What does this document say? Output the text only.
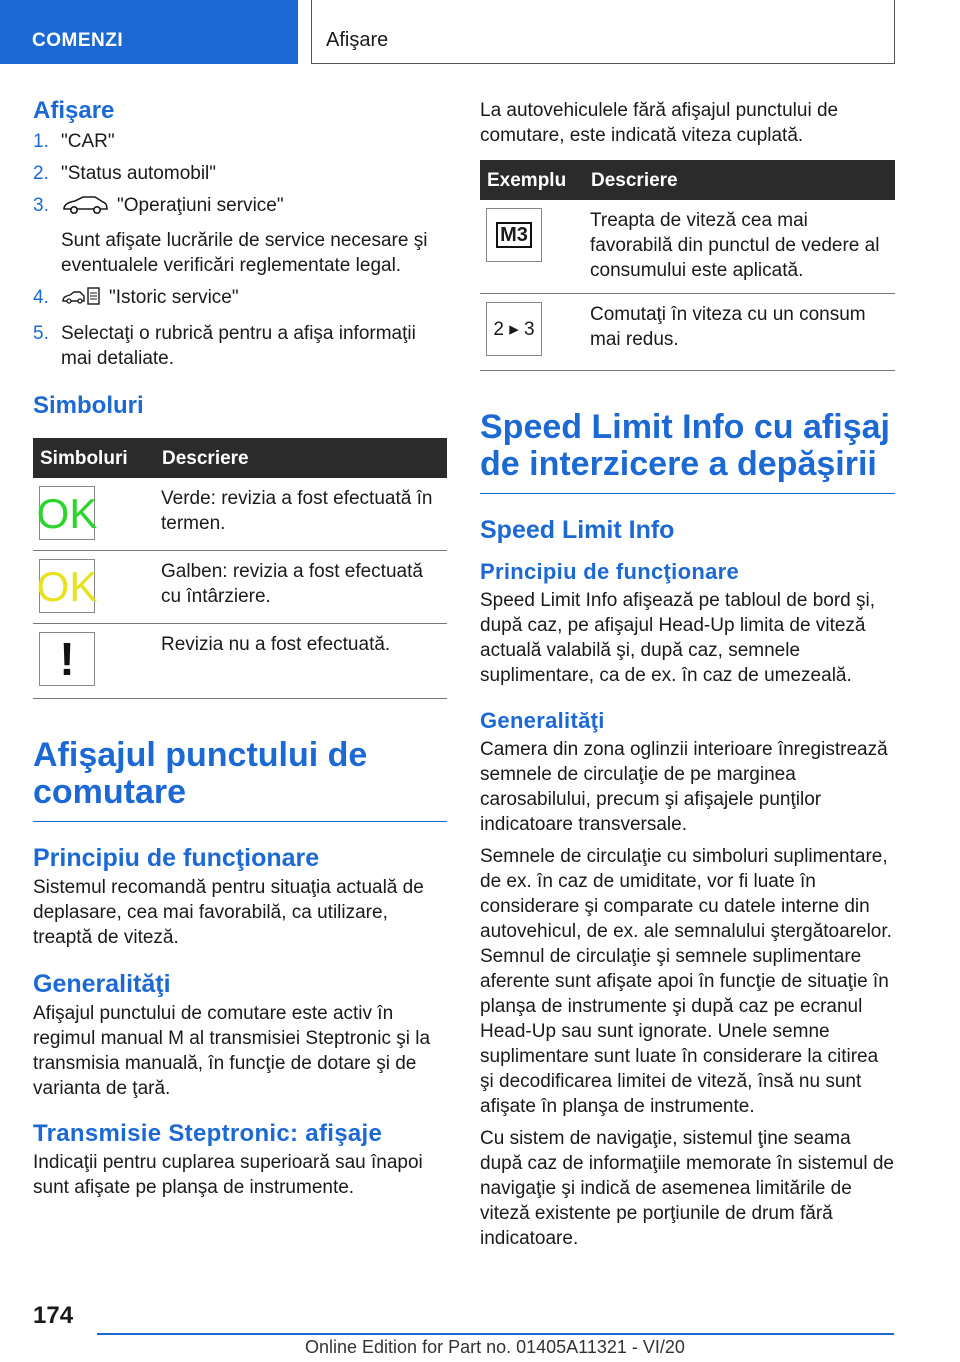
COMENZI	Afişare
Afişare
1. "CAR"
2. "Status automobil"
3.	"Operaţiuni service"
Sunt afişate lucrările de service necesare şi eventualele verificări reglementate legal.
4.	"Istoric service"
5. Selectaţi o rubrică pentru a afişa informaţii mai detaliate.
Simboluri
Simboluri	Descriere
OK	Verde: revizia a fost efectuată în termen.
OK	Galben: revizia a fost efectuată cu întârziere.
!	Revizia nu a fost efectuată.
Afişajul punctului de comutare
Principiu de funcţionare

Sistemul recomandă pentru situaţia actuală de deplasare, cea mai favorabilă, ca utilizare, treaptă de viteză.

Generalităţi

Afişajul punctului de comutare este activ în regimul manual M al transmisiei Steptronic şi la transmisia manuală, în funcţie de dotare şi de varianta de ţară.

Transmisie Steptronic: afişaje

Indicaţii pentru cuplarea superioară sau înapoi sunt afişate pe planşa de instrumente.

La autovehiculele fără afişajul punctului de comutare, este indicată viteza cuplată.

Exemplu	Descriere

M3	Treapta de viteză cea mai favorabilă din punctul de vedere al consumului este aplicată.
2 ▸ 3	Comutaţi în viteza cu un consum mai redus.
Speed Limit Info cu afişaj de interzicere a depăşirii
Speed Limit Info
Principiu de funcţionare

Speed Limit Info afişează pe tabloul de bord şi, după caz, pe afişajul Head-Up limita de viteză actuală valabilă şi, după caz, semnele suplimentare, ca de ex. în caz de umezeală.

Generalităţi

Camera din zona oglinzii interioare înregistrează semnele de circulaţie de pe marginea carosabilului, precum şi afişajele punţilor indicatoare transversale.

Semnele de circulaţie cu simboluri suplimentare, de ex. în caz de umiditate, vor fi luate în considerare şi comparate cu datele interne din autovehicul, de ex. ale semnalului ştergătoarelor. Semnul de circulaţie şi semnele suplimentare aferente sunt afişate apoi în funcţie de situaţie în planşa de instrumente şi după caz pe ecranul Head-Up sau sunt ignorate. Unele semne suplimentare sunt luate în considerare la citirea şi decodificarea limitei de viteză, însă nu sunt afişate în planşa de instrumente.

Cu sistem de navigaţie, sistemul ţine seama după caz de informaţiile memorate în sistemul de navigaţie şi indică de asemenea limitările de viteză existente pe porţiunile de drum fără indicatoare.

174
Online Edition for Part no. 01405A11321 - VI/20
